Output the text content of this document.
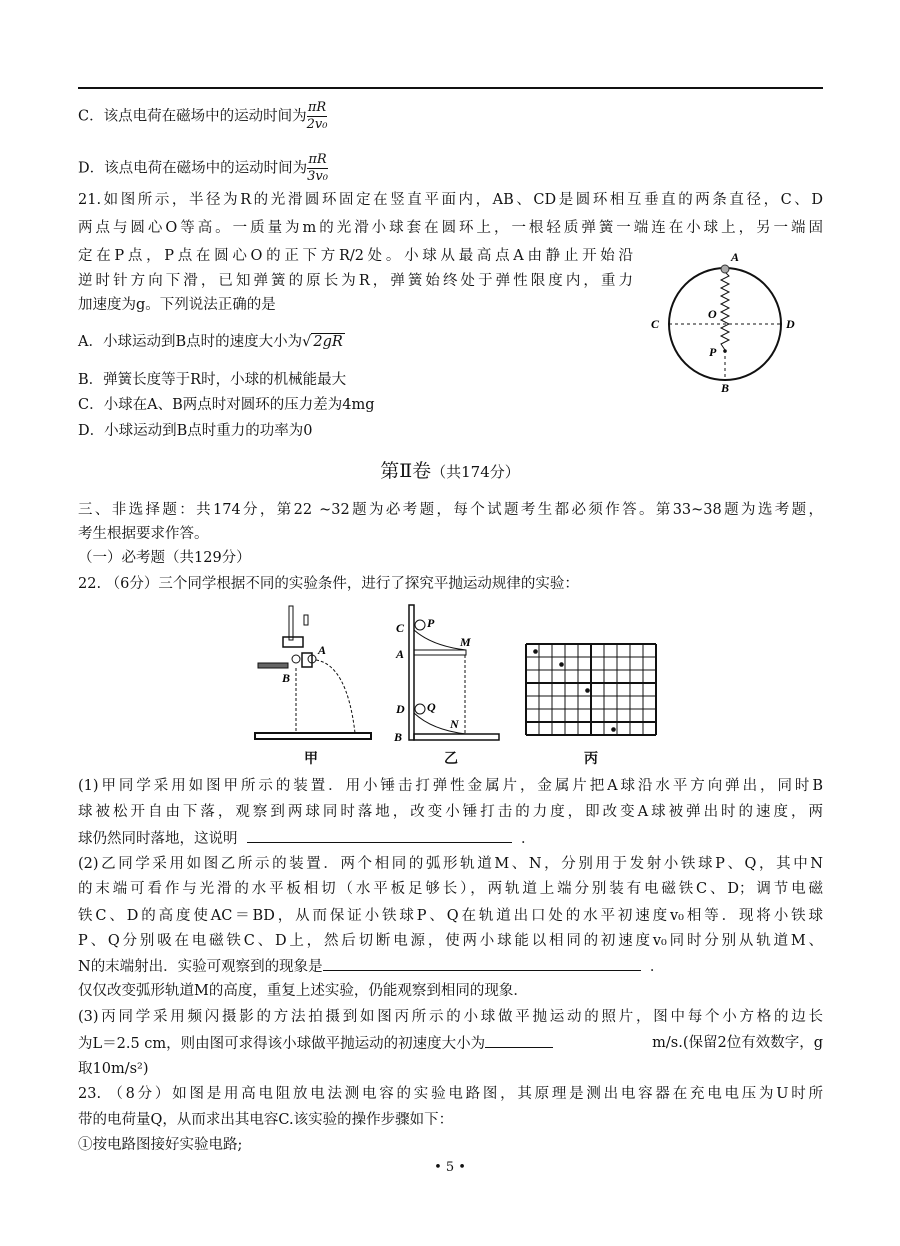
C．该点电荷在磁场中的运动时间为 $\frac{\pi R}{\text{2v₀}}$
D．该点电荷在磁场中的运动时间为 $\frac{\pi R}{\text{3v₀}}$
21.如图所示，半径为R的光滑圆环固定在竖直平面内，AB、CD是圆环相互垂直的两条直径，C、D
两点与圆心O等高。一质量为m的光滑小球套在圆环上，一根轻质弹簧一端连在小球上，另一端固
定在P点，P点在圆心O的正下方R/2处。小球从最高点A由静止开始沿
逆时针方向下滑，已知弹簧的原长为R，弹簧始终处于弹性限度内，重力
加速度为g。下列说法正确的是
A．小球运动到B点时的速度大小为√ 2gR
B．弹簧长度等于R时，小球的机械能最大
C．小球在A、B两点时对圆环的压力差为4mg
D．小球运动到B点时重力的功率为0
A
C	D
O
P
B
第Ⅱ卷（共174分）
三、非选择题：共174分，第22 ~32题为必考题，每个试题考生都必须作答。第33~38题为选考题，
考生根据要求作答。
（一）必考题（共129分）
22. （6分）三个同学根据不同的实验条件，进行了探究平抛运动规律的实验：
A
B
甲
C P
M
A
D Q
N
B
乙	丙
(1)甲同学采用如图甲所示的装置．用小锤击打弹性金属片，金属片把A球沿水平方向弹出，同时B
球被松开自由下落，观察到两球同时落地，改变小锤打击的力度，即改变A球被弹出时的速度，两
球仍然同时落地，这说明	．
(2)乙同学采用如图乙所示的装置．两个相同的弧形轨道M、N，分别用于发射小铁球P、Q，其中N
的末端可看作与光滑的水平板相切（水平板足够长），两轨道上端分别装有电磁铁C、D；调节电磁
铁C、D的高度使AC＝BD，从而保证小铁球P、Q在轨道出口处的水平初速度v₀相等．现将小铁球
P、Q分别吸在电磁铁C、D上，然后切断电源，使两小球能以相同的初速度v₀同时分别从轨道M、
N的末端射出．实验可观察到的现象是	．
仅仅改变弧形轨道M的高度，重复上述实验，仍能观察到相同的现象．
(3)丙同学采用频闪摄影的方法拍摄到如图丙所示的小球做平抛运动的照片，图中每个小方格的边长
为L＝2.5 cm，则由图可求得该小球做平抛运动的初速度大小为	m/s.(保留2位有效数字，g
取10m/s²)
23. （8分）如图是用高电阻放电法测电容的实验电路图，其原理是测出电容器在充电电压为U时所
带的电荷量Q，从而求出其电容C.该实验的操作步骤如下：
①按电路图接好实验电路;
• 5 •
